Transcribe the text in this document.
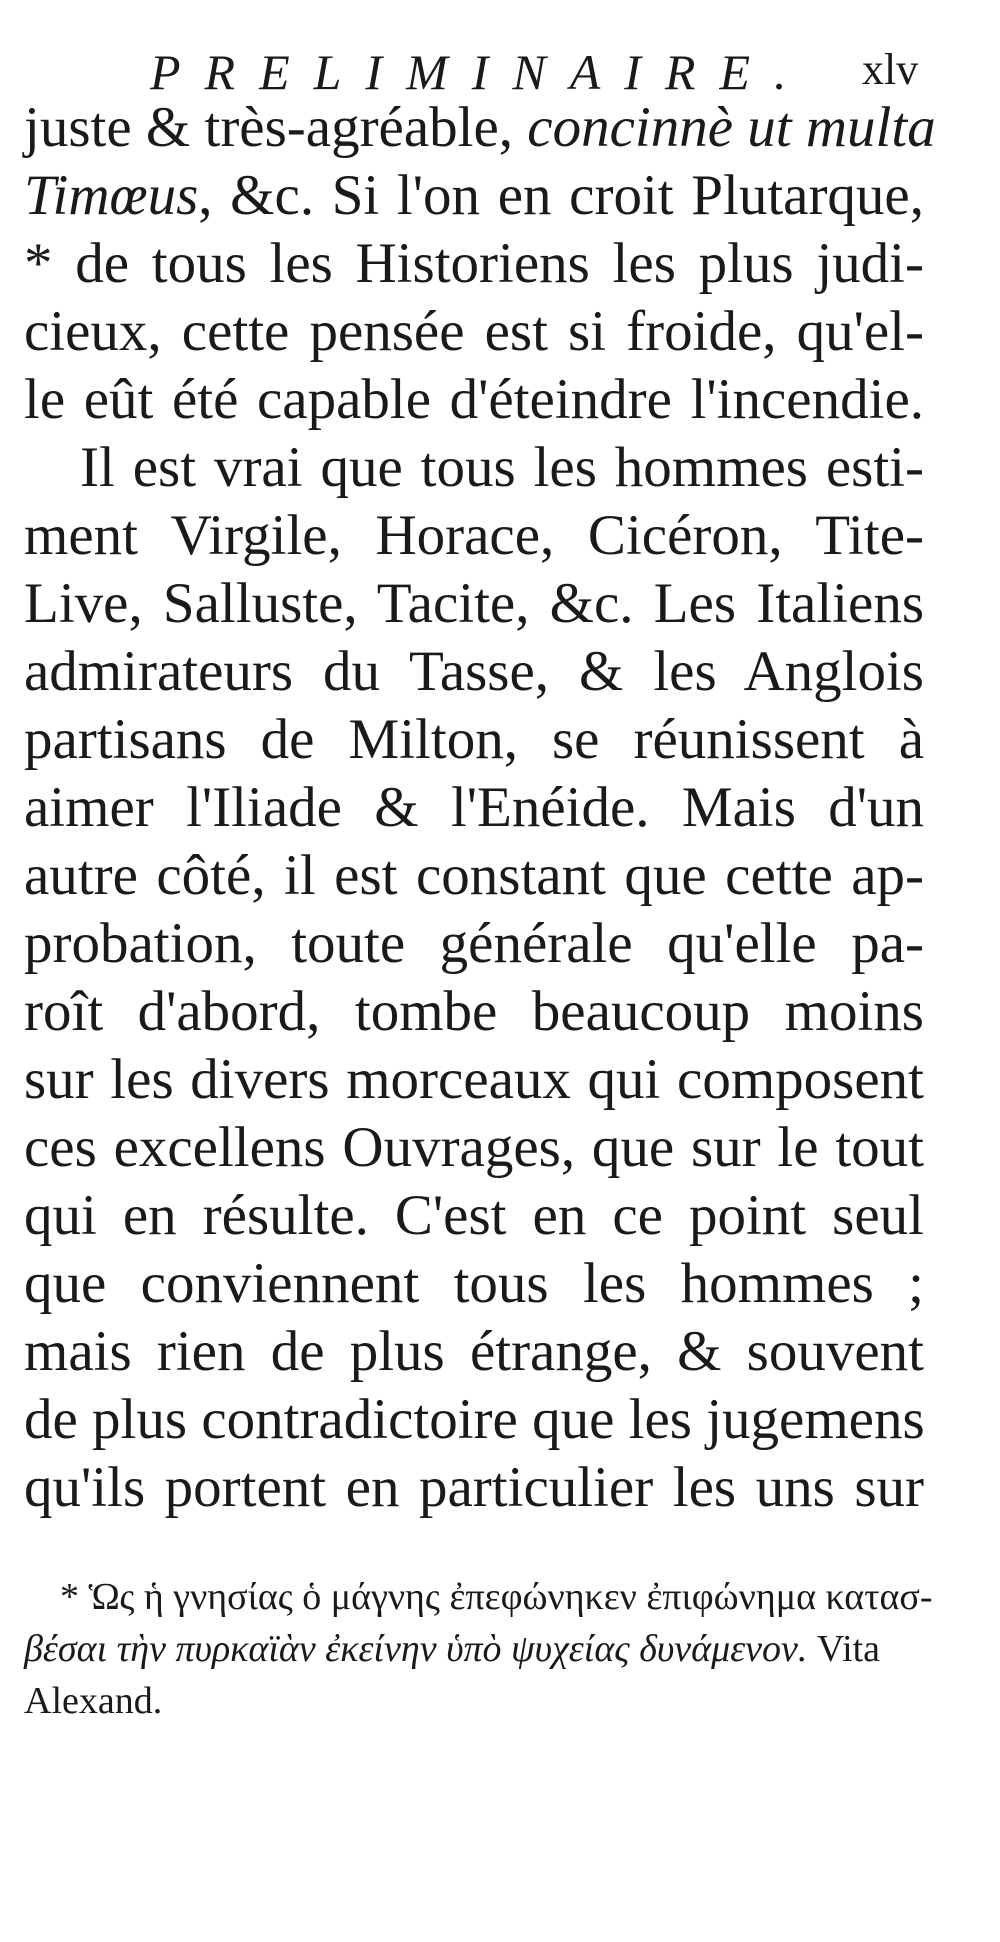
PRELIMINAIRE. xlv
juste & très-agréable, concinnè ut multa
Timœus, &c. Si l'on en croit Plutarque,
* de tous les Historiens les plus judi-
cieux, cette pensée est si froide, qu'el-
le eût été capable d'éteindre l'incendie.
Il est vrai que tous les hommes esti-
ment Virgile, Horace, Cicéron, Tite-
Live, Salluste, Tacite, &c. Les Italiens
admirateurs du Tasse, & les Anglois
partisans de Milton, se réunissent à
aimer l'Iliade & l'Enéide. Mais d'un
autre côté, il est constant que cette ap-
probation, toute générale qu'elle pa-
roît d'abord, tombe beaucoup moins
sur les divers morceaux qui composent
ces excellens Ouvrages, que sur le tout
qui en résulte. C'est en ce point seul
que conviennent tous les hommes ;
mais rien de plus étrange, & souvent
de plus contradictoire que les jugemens
qu'ils portent en particulier les uns sur
* Ὡς ἡ γνησίας ὁ μάγνης ἐπεφώνηκεν ἐπιφώνημα κατασ-
βέσαι τὴν πυρκαϊὰν ἐκείνην ὑπὸ ψυχείας δυνάμενον. Vita
Alexand.
